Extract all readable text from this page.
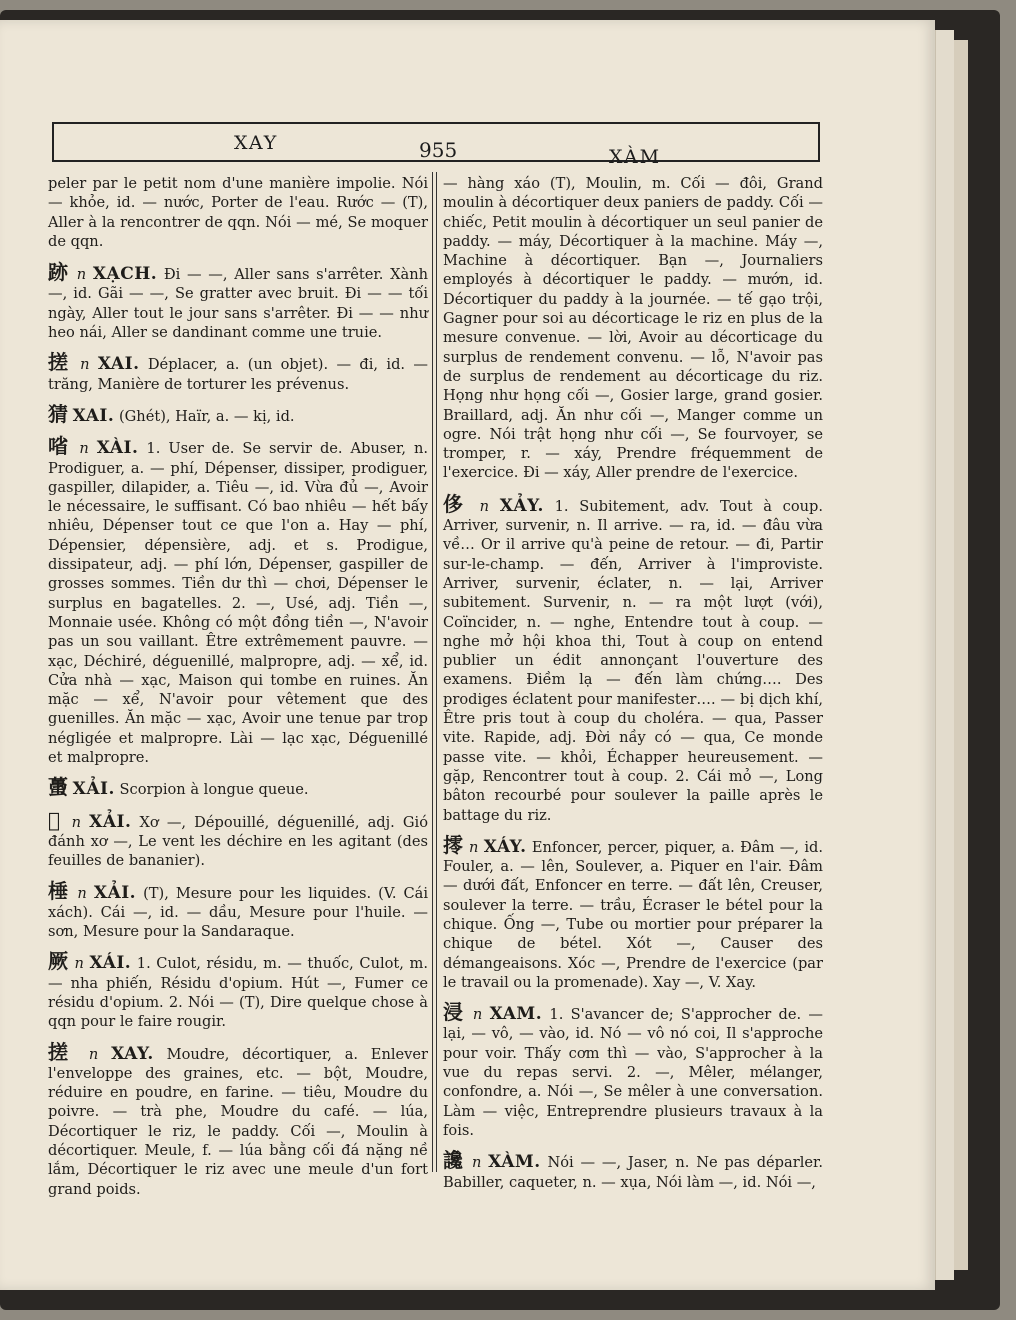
XAY	955	XÀM
peler par le petit nom d'une manière impolie. Nói — khỏe, id. — nước, Porter de l'eau. Rước — (T), Aller à la rencontrer de qqn. Nói — mé, Se moquer de qqn.
跡 n XẠCH. Đi — —, Aller sans s'arrêter. Xành —, id. Gãi — —, Se gratter avec bruit. Đi — — tối ngày, Aller tout le jour sans s'arrêter. Đi — — như heo nái, Aller se dandinant comme une truie.
搓 n XAI. Déplacer, a. (un objet). — đi, id. — trăng, Manière de torturer les prévenus.
猜 XAI. (Ghét), Haïr, a. — kị, id.
㗂 n XÀI. 1. User de. Se servir de. Abuser, n. Prodiguer, a. — phí, Dépenser, dissiper, prodiguer, gaspiller, dilapider, a. Tiêu —, id. Vừa đủ —, Avoir le nécessaire, le suffisant. Có bao nhiêu — hết bấy nhiêu, Dépenser tout ce que l'on a. Hay — phí, Dépensier, dépensière, adj. et s. Prodigue, dissipateur, adj. — phí lớn, Dépenser, gaspiller de grosses sommes. Tiền dư thì — chơi, Dépenser le surplus en bagatelles. 2. —, Usé, adj. Tiền —, Monnaie usée. Không có một đồng tiền —, N'avoir pas un sou vaillant. Être extrêmement pauvre. — xạc, Déchiré, déguenillé, malpropre, adj. — xể, id. Cửa nhà — xạc, Maison qui tombe en ruines. Ăn mặc — xể, N'avoir pour vêtement que des guenilles. Ăn mặc — xạc, Avoir une tenue par trop négligée et malpropre. Lài — lạc xạc, Déguenillé et malpropre.
蠆 XẢI. Scorpion à longue queue.
𤻬 n XẢI. Xơ —, Dépouillé, déguenillé, adj. Gió đánh xơ —, Le vent les déchire en les agitant (des feuilles de bananier).
棰 n XẢI. (T), Mesure pour les liquides. (V. Cái xách). Cái —, id. — dầu, Mesure pour l'huile. — sơn, Mesure pour la Sandaraque.
厥 n XÁI. 1. Culot, résidu, m. — thuốc, Culot, m. — nha phiến, Résidu d'opium. Hút —, Fumer ce résidu d'opium. 2. Nói — (T), Dire quelque chose à qqn pour le faire rougir.
搓 n XAY. Moudre, décortiquer, a. Enlever l'enveloppe des graines, etc. — bột, Moudre, réduire en poudre, en farine. — tiêu, Moudre du poivre. — trà phe, Moudre du café. — lúa, Décortiquer le riz, le paddy. Cối —, Moulin à décortiquer. Meule, f. — lúa bằng cối đá nặng nề lắm, Décortiquer le riz avec une meule d'un fort grand poids.
— hàng xáo (T), Moulin, m. Cối — đôi, Grand moulin à décortiquer deux paniers de paddy. Cối — chiếc, Petit moulin à décortiquer un seul panier de paddy. — máy, Décortiquer à la machine. Máy —, Machine à décortiquer. Bạn —, Journaliers employés à décortiquer le paddy. — mướn, id. Décortiquer du paddy à la journée. — tế gạo trội, Gagner pour soi au décorticage le riz en plus de la mesure convenue. — lời, Avoir au décorticage du surplus de rendement convenu. — lỗ, N'avoir pas de surplus de rendement au décorticage du riz. Họng như họng cối —, Gosier large, grand gosier. Braillard, adj. Ăn như cối —, Manger comme un ogre. Nói trật họng như cối —, Se fourvoyer, se tromper, r. — xáy, Prendre fréquemment de l'exercice. Đi — xáy, Aller prendre de l'exercice.
侈 n XẢY. 1. Subitement, adv. Tout à coup. Arriver, survenir, n. Il arrive. — ra, id. — đâu vừa về… Or il arrive qu'à peine de retour. — đi, Partir sur-le-champ. — đến, Arriver à l'improviste. Arriver, survenir, éclater, n. — lại, Arriver subitement. Survenir, n. — ra một lượt (với), Coïncider, n. — nghe, Entendre tout à coup. — nghe mở hội khoa thi, Tout à coup on entend publier un édit annonçant l'ouverture des examens. Điềm lạ — đến làm chứng…. Des prodiges éclatent pour manifester…. — bị dịch khí, Être pris tout à coup du choléra. — qua, Passer vite. Rapide, adj. Đời nầy có — qua, Ce monde passe vite. — khỏi, Échapper heureusement. — gặp, Rencontrer tout à coup. 2. Cái mỏ —, Long bâton recourbé pour soulever la paille après le battage du riz.
㩕 n XÁY. Enfoncer, percer, piquer, a. Đâm —, id. Fouler, a. — lên, Soulever, a. Piquer en l'air. Đâm — dưới đất, Enfoncer en terre. — đất lên, Creuser, soulever la terre. — trầu, Écraser le bétel pour la chique. Ống —, Tube ou mortier pour préparer la chique de bétel. Xót —, Causer des démangeaisons. Xóc —, Prendre de l'exercice (par le travail ou la promenade). Xay —, V. Xay.
浸 n XAM. 1. S'avancer de; S'approcher de. — lại, — vô, — vào, id. Nó — vô nó coi, Il s'approche pour voir. Thấy cơm thì — vào, S'approcher à la vue du repas servi. 2. —, Mêler, mélanger, confondre, a. Nói —, Se mêler à une conversation. Làm — việc, Entreprendre plusieurs travaux à la fois.
讒 n XÀM. Nói — —, Jaser, n. Ne pas déparler. Babiller, caqueter, n. — xụa, Nói làm —, id. Nói —,
